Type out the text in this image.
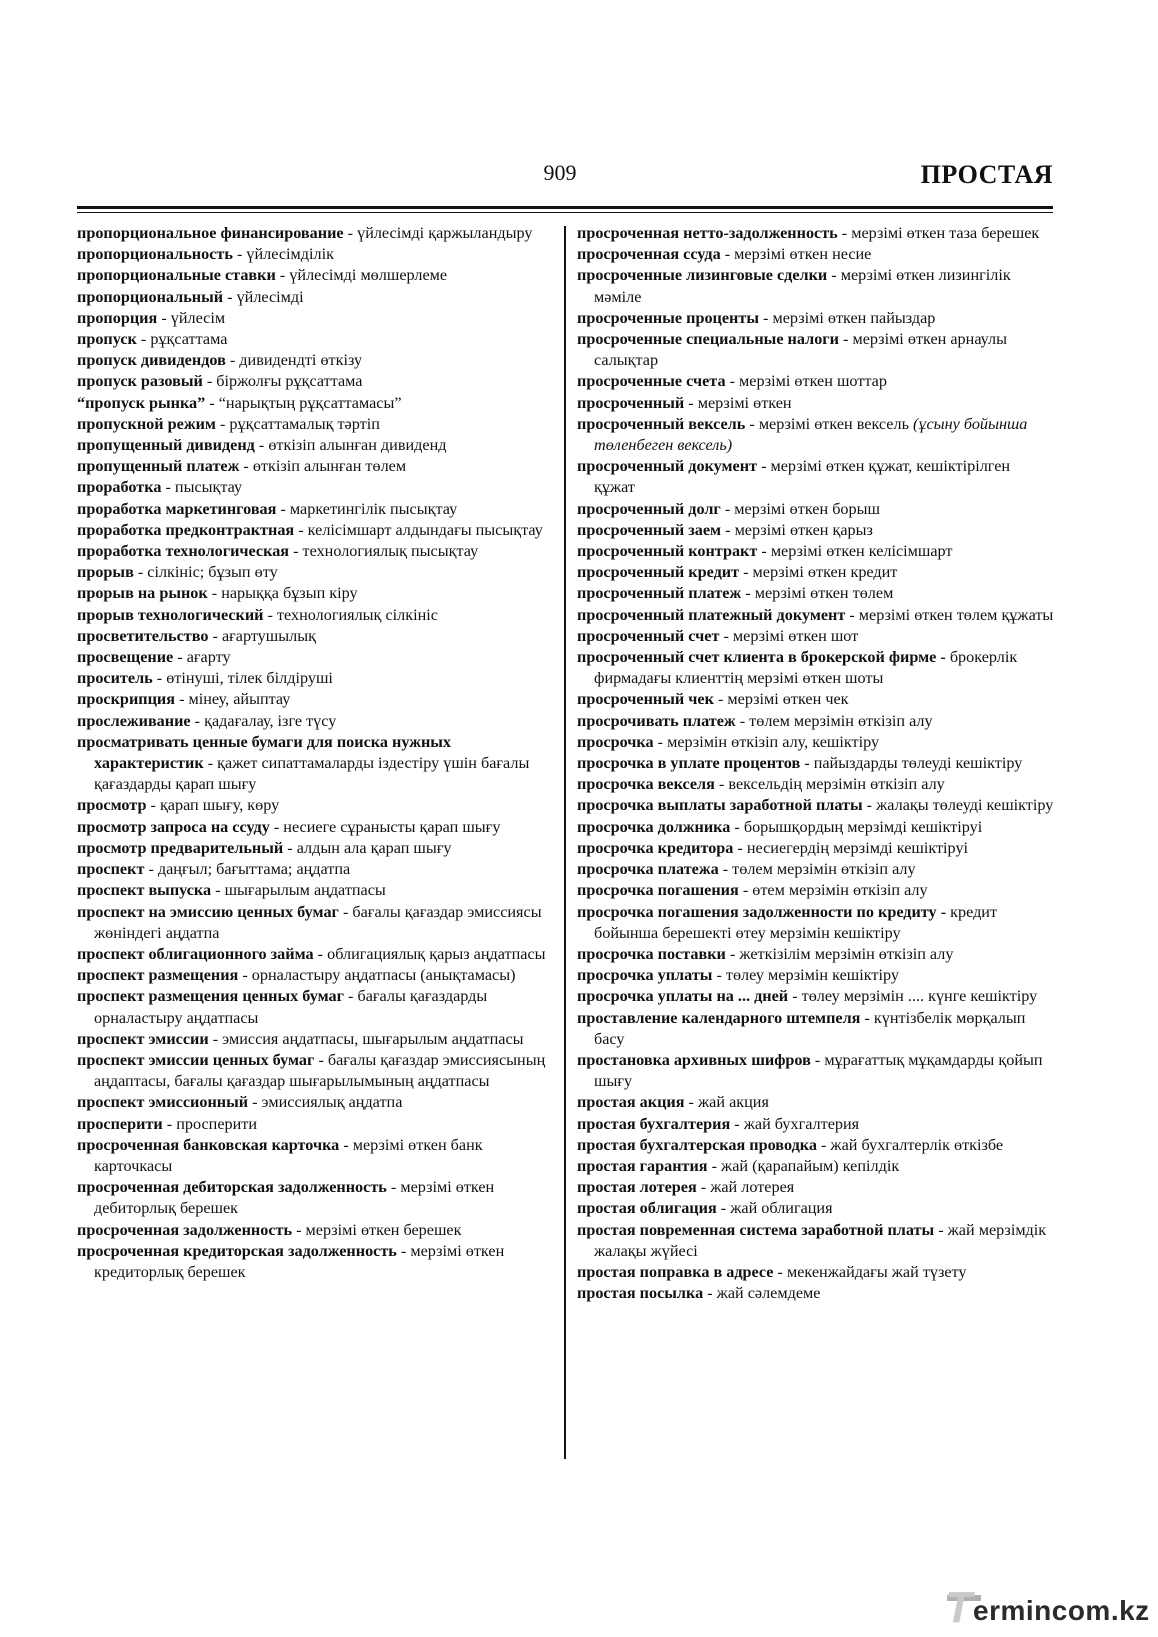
909	ПРОСТАЯ

пропорциональное финансирование - үйлесімді қаржыландыру

пропорциональность - үйлесімділік

пропорциональные ставки - үйлесімді мөлшерлеме

пропорциональный - үйлесімді

пропорция - үйлесім

пропуск - рұқсаттама

пропуск дивидендов - дивидендті өткізу

пропуск разовый - біржолғы рұқсаттама

“пропуск рынка” - “нарықтың рұқсаттамасы”

пропускной режим - рұқсаттамалық тәртіп

пропущенный дивиденд - өткізіп алынған дивиденд

пропущенный платеж - өткізіп алынған төлем

проработка - пысықтау

проработка маркетинговая - маркетингілік пысықтау

проработка предконтрактная - келісімшарт алдындағы пысықтау

проработка технологическая - технологиялық пысықтау

прорыв - сілкініс; бұзып өту

прорыв на рынок - нарыққа бұзып кіру

прорыв технологический - технологиялық сілкініс

просветительство - ағартушылық

просвещение - ағарту

проситель - өтінуші, тілек білдіруші

проскрипция - мінеу, айыптау

прослеживание - қадағалау, ізге түсу

просматривать ценные бумаги для поиска нужных характеристик - қажет сипаттамаларды іздестіру үшін бағалы қағаздарды қарап шығу

просмотр - қарап шығу, көру

просмотр запроса на ссуду - несиеге сұранысты қарап шығу

просмотр предварительный - алдын ала қарап шығу

проспект - даңғыл; бағыттама; аңдатпа

проспект выпуска - шығарылым аңдатпасы

проспект на эмиссию ценных бумаг - бағалы қағаздар эмиссиясы жөніндегі аңдатпа

проспект облигационного займа - облигациялық қарыз аңдатпасы

проспект размещения - орналастыру аңдатпасы (анықтамасы)

проспект размещения ценных бумаг - бағалы қағаздарды орналастыру аңдатпасы

проспект эмиссии - эмиссия аңдатпасы, шығарылым аңдатпасы

проспект эмиссии ценных бумаг - бағалы қағаздар эмиссиясының аңдаптасы, бағалы қағаздар шығарылымының аңдатпасы

проспект эмиссионный - эмиссиялық аңдатпа

просперити - просперити

просроченная банковская карточка - мерзімі өткен банк карточкасы

просроченная дебиторская задолженность - мерзімі өткен дебиторлық берешек

просроченная задолженность - мерзімі өткен берешек

просроченная кредиторская задолженность - мерзімі өткен кредиторлық берешек

просроченная нетто-задолженность - мерзімі өткен таза берешек

просроченная ссуда - мерзімі өткен несие

просроченные лизинговые сделки - мерзімі өткен лизингілік мәміле

просроченные проценты - мерзімі өткен пайыздар

просроченные специальные налоги - мерзімі өткен арнаулы салықтар

просроченные счета - мерзімі өткен шоттар

просроченный - мерзімі өткен

просроченный вексель - мерзімі өткен вексель (ұсыну бойынша төленбеген вексель)

просроченный документ - мерзімі өткен құжат, кешіктірілген құжат

просроченный долг - мерзімі өткен борыш

просроченный заем - мерзімі өткен қарыз

просроченный контракт - мерзімі өткен келісімшарт

просроченный кредит - мерзімі өткен кредит

просроченный платеж - мерзімі өткен төлем

просроченный платежный документ - мерзімі өткен төлем құжаты

просроченный счет - мерзімі өткен шот

просроченный счет клиента в брокерской фирме - брокерлік фирмадағы клиенттің мерзімі өткен шоты

просроченный чек - мерзімі өткен чек

просрочивать платеж - төлем мерзімін өткізіп алу

просрочка - мерзімін өткізіп алу, кешіктіру

просрочка в уплате процентов - пайыздарды төлеуді кешіктіру

просрочка векселя - вексельдің мерзімін өткізіп алу

просрочка выплаты заработной платы - жалақы төлеуді кешіктіру

просрочка должника - борышқордың мерзімді кешіктіруі

просрочка кредитора - несиегердің мерзімді кешіктіруі

просрочка платежа - төлем мерзімін өткізіп алу

просрочка погашения - өтем мерзімін өткізіп алу

просрочка погашения задолженности по кредиту - кредит бойынша берешекті өтеу мерзімін кешіктіру

просрочка поставки - жеткізілім мерзімін өткізіп алу

просрочка уплаты - төлеу мерзімін кешіктіру

просрочка уплаты на ... дней - төлеу мерзімін .... күнге кешіктіру

проставление календарного штемпеля - күнтізбелік мөрқалып басу

простановка архивных шифров - мұрағаттық мұқамдарды қойып шығу

простая акция - жай акция

простая бухгалтерия - жай бухгалтерия

простая бухгалтерская проводка - жай бухгалтерлік өткізбе

простая гарантия - жай (қарапайым) кепілдік

простая лотерея - жай лотерея

простая облигация - жай облигация

простая повременная система заработной платы - жай мерзімдік жалақы жүйесі

простая поправка в адресе - мекенжайдағы жай түзету

простая посылка - жай сәлемдеме

T ermincom.kz
